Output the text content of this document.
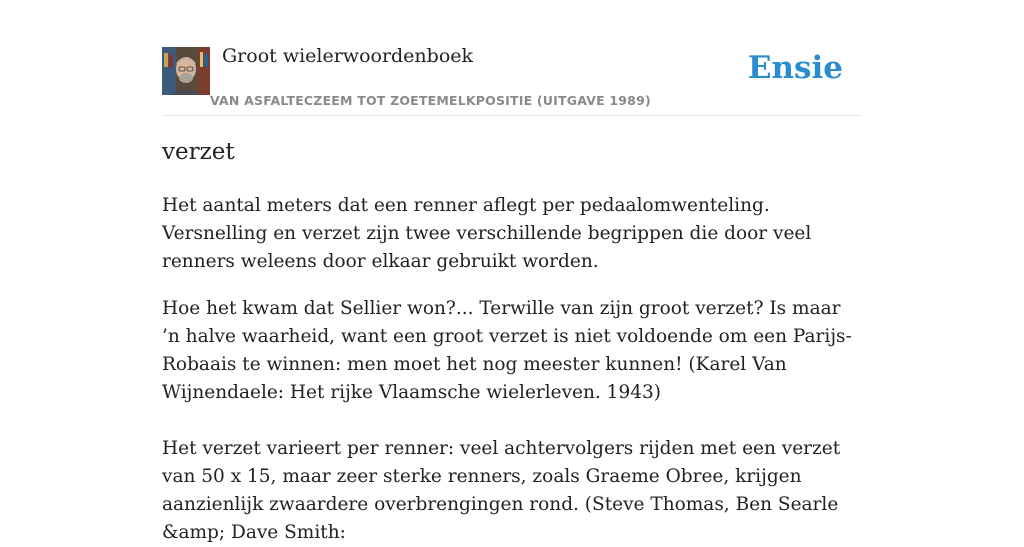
Groot wielerwoordenboek
VAN ASFALTECZEEM TOT ZOETEMELKPOSITIE (UITGAVE 1989)
Ensie
verzet

Het aantal meters dat een renner aflegt per pedaalomwenteling. Versnelling en verzet zijn twee verschillende begrippen die door veel renners weleens door elkaar gebruikt worden.

Hoe het kwam dat Sellier won?... Terwille van zijn groot verzet? Is maar ’n halve waarheid, want een groot verzet is niet voldoende om een Parijs-Robaais te winnen: men moet het nog meester kunnen! (Karel Van Wijnendaele: Het rijke Vlaamsche wielerleven. 1943)

Het verzet varieert per renner: veel achtervolgers rijden met een verzet van 50 x 15, maar zeer sterke renners, zoals Graeme Obree, krijgen aanzienlijk zwaardere overbrengingen rond. (Steve Thomas, Ben Searle &amp; Dave Smith:
